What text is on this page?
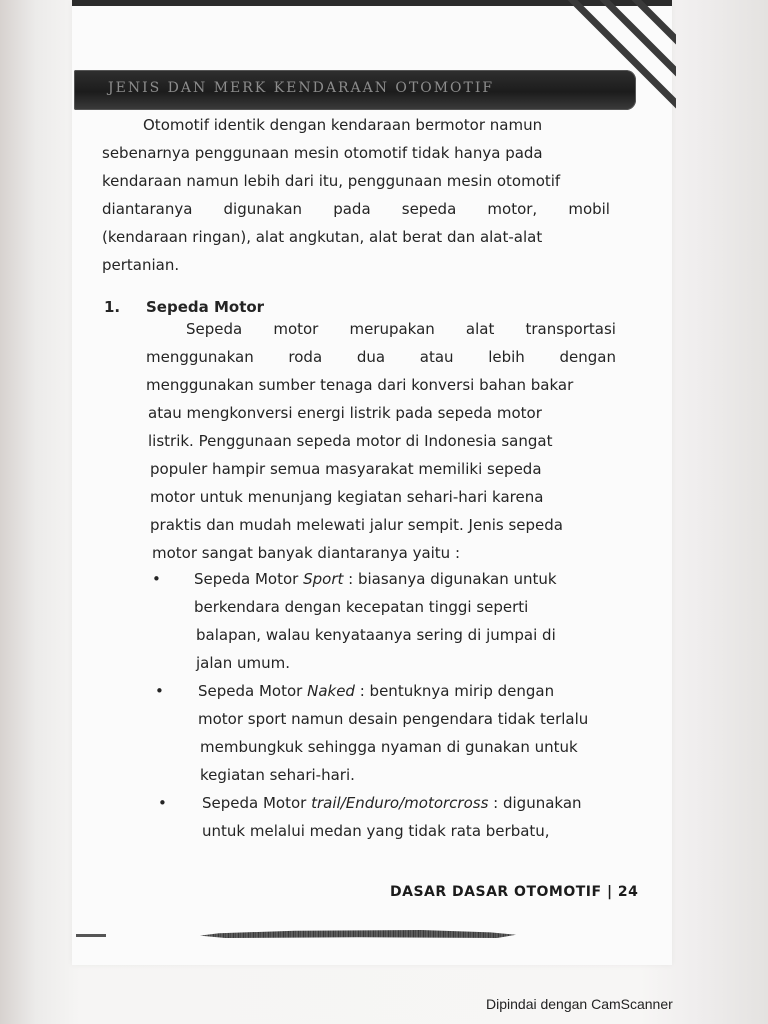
JENIS DAN MERK KENDARAAN OTOMOTIF
Otomotif identik dengan kendaraan bermotor namun
sebenarnya penggunaan mesin otomotif tidak hanya pada
kendaraan namun lebih dari itu, penggunaan mesin otomotif
diantaranya digunakan pada sepeda motor, mobil
(kendaraan ringan), alat angkutan, alat berat dan alat-alat
pertanian.
1. Sepeda Motor
Sepeda motor merupakan alat transportasi
menggunakan roda dua atau lebih dengan
menggunakan sumber tenaga dari konversi bahan bakar
atau mengkonversi energi listrik pada sepeda motor
listrik. Penggunaan sepeda motor di Indonesia sangat
populer hampir semua masyarakat memiliki sepeda
motor untuk menunjang kegiatan sehari-hari karena
praktis dan mudah melewati jalur sempit. Jenis sepeda
motor sangat banyak diantaranya yaitu :
• Sepeda Motor Sport : biasanya digunakan untuk
berkendara dengan kecepatan tinggi seperti
balapan, walau kenyataanya sering di jumpai di
jalan umum.
• Sepeda Motor Naked : bentuknya mirip dengan
motor sport namun desain pengendara tidak terlalu
membungkuk sehingga nyaman di gunakan untuk
kegiatan sehari-hari.
• Sepeda Motor trail/Enduro/motorcross : digunakan
untuk melalui medan yang tidak rata berbatu,
DASAR DASAR OTOMOTIF | 24
Dipindai dengan CamScanner
